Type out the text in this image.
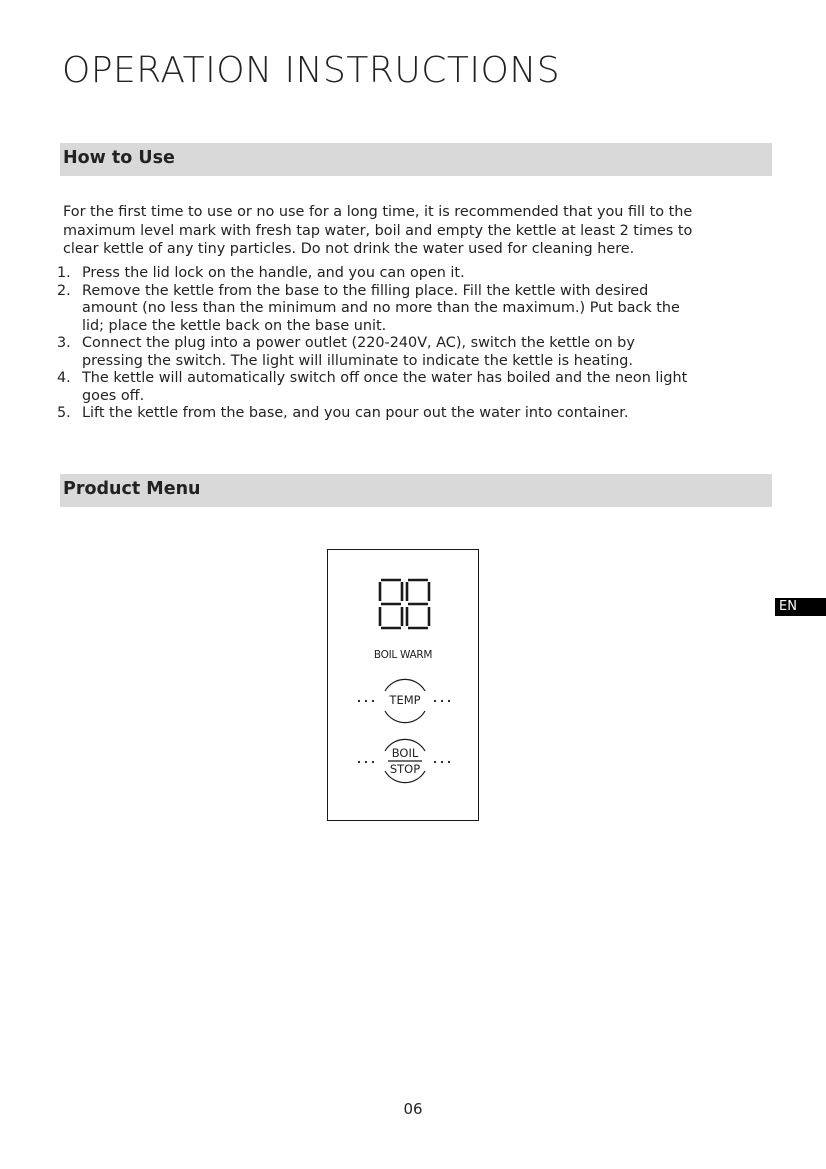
OPERATION INSTRUCTIONS
How to Use
For the first time to use or no use for a long time, it is recommended that you fill to the
maximum level mark with fresh tap water, boil and empty the kettle at least 2 times to
clear kettle of any tiny particles. Do not drink the water used for cleaning here.
1. Press the lid lock on the handle, and you can open it.
2. Remove the kettle from the base to the filling place. Fill the kettle with desired
amount (no less than the minimum and no more than the maximum.) Put back the
lid; place the kettle back on the base unit.
3. Connect the plug into a power outlet (220-240V, AC), switch the kettle on by
pressing the switch. The light will illuminate to indicate the kettle is heating.
4. The kettle will automatically switch off once the water has boiled and the neon light
goes off.
5. Lift the kettle from the base, and you can pour out the water into container.
Product Menu
BOIL WARM
TEMP
BOIL
STOP
EN
06
